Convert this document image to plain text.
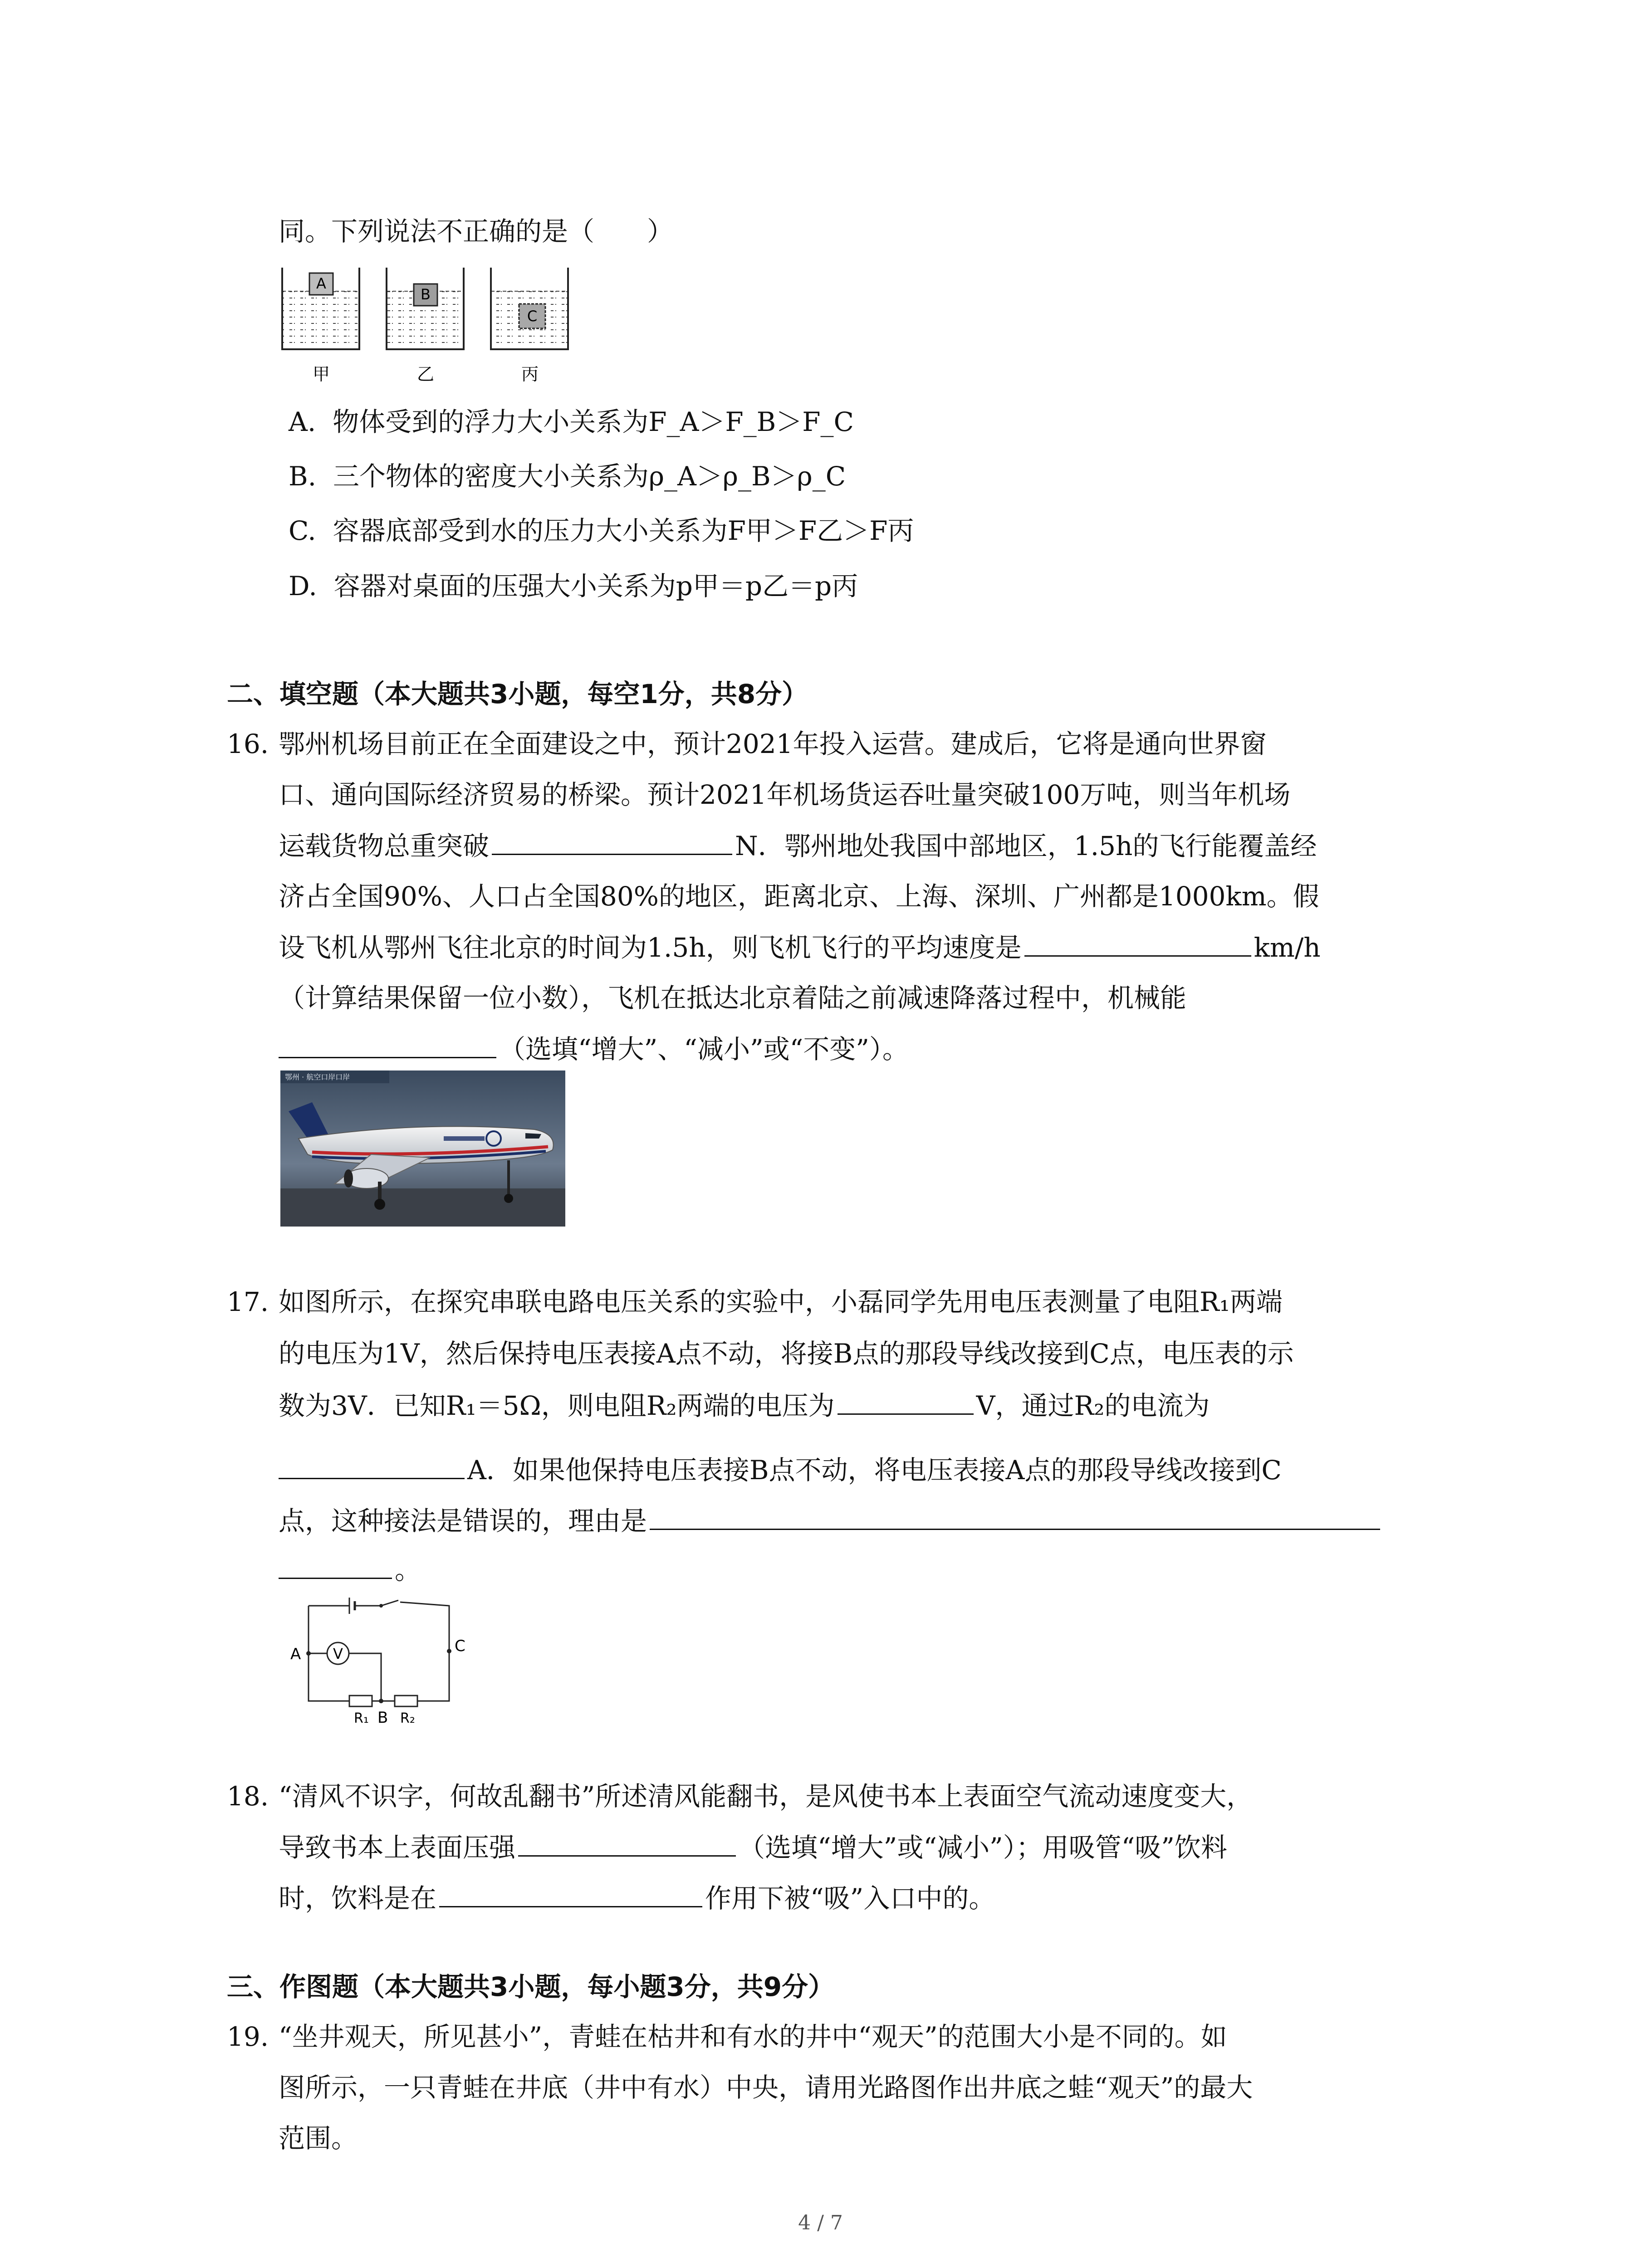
同。下列说法不正确的是（　　）
A
甲
B
乙
C
丙
A. 物体受到的浮力大小关系为F_A＞F_B＞F_C
B. 三个物体的密度大小关系为ρ_A＞ρ_B＞ρ_C
C. 容器底部受到水的压力大小关系为F甲＞F乙＞F丙
D. 容器对桌面的压强大小关系为p甲＝p乙＝p丙
二、填空题（本大题共3小题，每空1分，共8分）
16. 鄂州机场目前正在全面建设之中，预计2021年投入运营。建成后，它将是通向世界窗
口、通向国际经济贸易的桥梁。预计2021年机场货运吞吐量突破100万吨，则当年机场
运载货物总重突破	N．鄂州地处我国中部地区，1.5h的飞行能覆盖经
济占全国90%、人口占全国80%的地区，距离北京、上海、深圳、广州都是1000km。假
设飞机从鄂州飞往北京的时间为1.5h，则飞机飞行的平均速度是	km/h
（计算结果保留一位小数），飞机在抵达北京着陆之前减速降落过程中，机械能
（选填“增大”、“减小”或“不变”）。
鄂州 · 航空口岸口岸
17. 如图所示，在探究串联电路电压关系的实验中，小磊同学先用电压表测量了电阻R₁两端
的电压为1V，然后保持电压表接A点不动，将接B点的那段导线改接到C点，电压表的示
数为3V．已知R₁＝5Ω，则电阻R₂两端的电压为	V，通过R₂的电流为
A．如果他保持电压表接B点不动，将电压表接A点的那段导线改接到C
点，这种接法是错误的，理由是
。
V
A	C
B
R₁ R₂
18. “清风不识字，何故乱翻书”所述清风能翻书，是风使书本上表面空气流动速度变大，
导致书本上表面压强	（选填“增大”或“减小”）；用吸管“吸”饮料
时，饮料是在	作用下被“吸”入口中的。
三、作图题（本大题共3小题，每小题3分，共9分）
19. “坐井观天，所见甚小”，青蛙在枯井和有水的井中“观天”的范围大小是不同的。如
图所示，一只青蛙在井底（井中有水）中央，请用光路图作出井底之蛙“观天”的最大
范围。
4 / 7
